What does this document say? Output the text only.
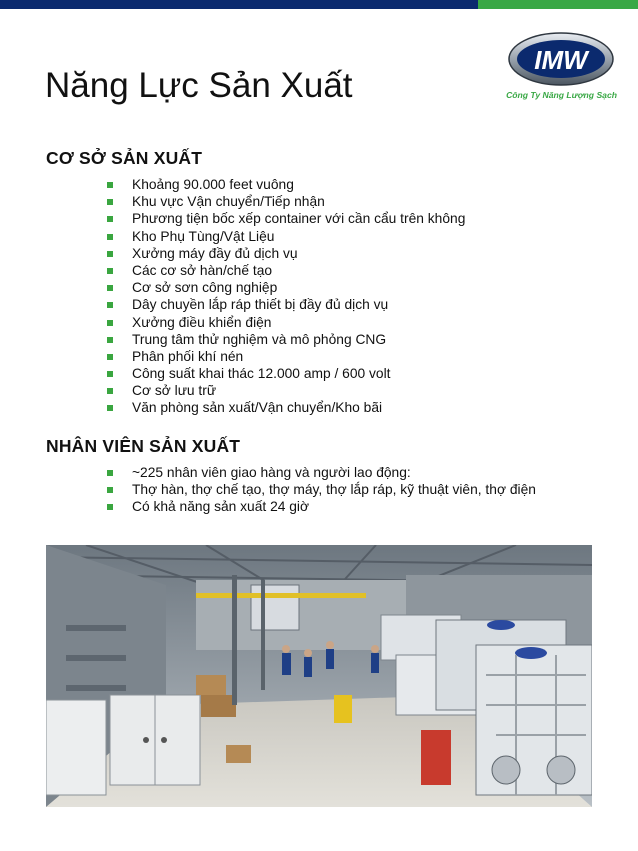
Năng Lực Sản Xuất
IMW
Công Ty Năng Lượng Sạch
CƠ SỞ SẢN XUẤT
Khoảng 90.000 feet vuông
Khu vực Vận chuyển/Tiếp nhận
Phương tiện bốc xếp container với cần cẩu trên không
Kho Phụ Tùng/Vật Liệu
Xưởng máy đầy đủ dịch vụ
Các cơ sở hàn/chế tạo
Cơ sở sơn công nghiệp
Dây chuyền lắp ráp thiết bị đầy đủ dịch vụ
Xưởng điều khiển điện
Trung tâm thử nghiệm và mô phỏng CNG
Phân phối khí nén
Công suất khai thác 12.000 amp / 600 volt
Cơ sở lưu trữ
Văn phòng sản xuất/Vận chuyển/Kho bãi
NHÂN VIÊN SẢN XUẤT
~225 nhân viên giao hàng và người lao động:
Thợ hàn, thợ chế tạo, thợ máy, thợ lắp ráp, kỹ thuật viên, thợ điện
Có khả năng sản xuất 24 giờ
